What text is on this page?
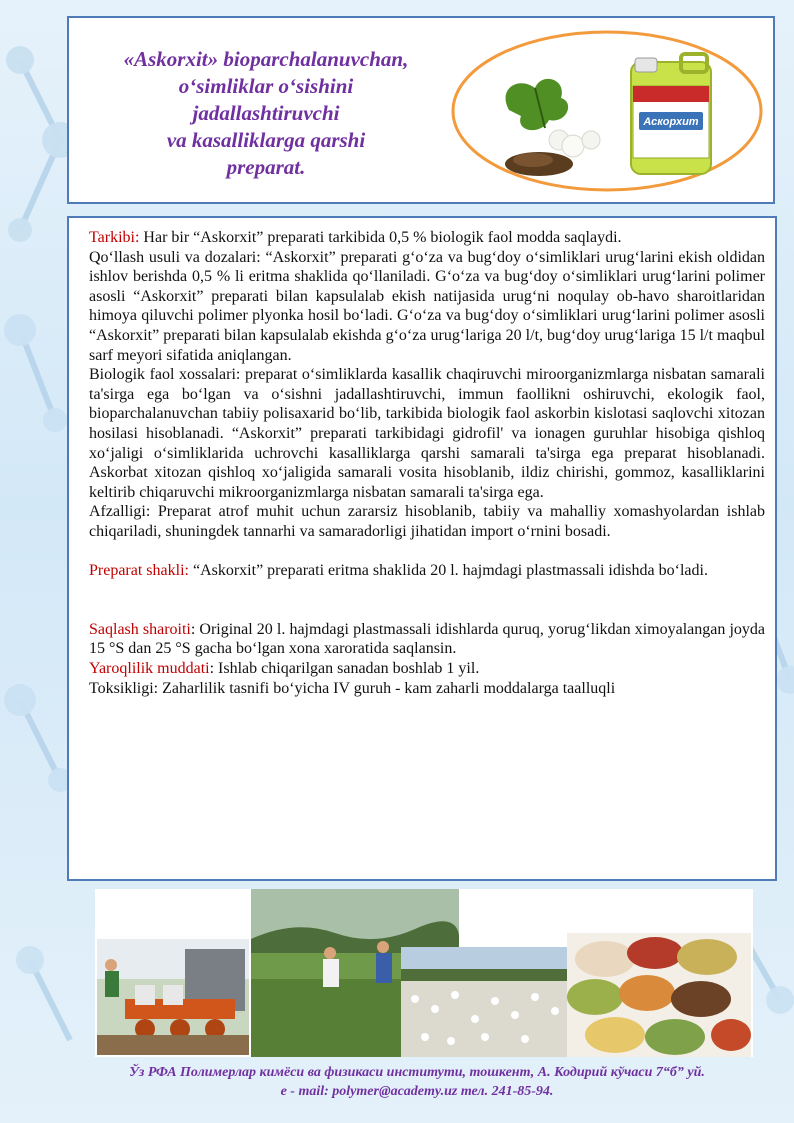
«Askorxit» bioparchalanuvchan,
o‘simliklar o‘sishini
jadallashtiruvchi
va kasalliklarga qarshi
preparat.
Аскорхит

Tarkibi: Har bir “Askorxit” preparati tarkibida 0,5 % biologik faol modda saqlaydi.

Qo‘llash usuli va dozalari: “Askorxit” preparati g‘o‘za va bug‘doy o‘simliklari urug‘larini ekish oldidan ishlov berishda 0,5 % li eritma shaklida qo‘llaniladi. G‘o‘za va bug‘doy o‘simliklari urug‘larini polimer asosli “Askorxit” preparati bilan kapsulalab ekish natijasida urug‘ni noqulay ob-havo sharoitlaridan himoya qiluvchi polimer plyonka hosil bo‘ladi. G‘o‘za va bug‘doy o‘simliklari urug‘larini polimer asosli “Askorxit” preparati bilan kapsulalab ekishda g‘o‘za urug‘lariga 20 l/t, bug‘doy urug‘lariga 15 l/t maqbul sarf meyori sifatida aniqlangan.

Biologik faol xossalari: preparat o‘simliklarda kasallik chaqiruvchi miroorganizmlarga nisbatan samarali ta'sirga ega bo‘lgan va o‘sishni jadallashtiruvchi, immun faollikni oshiruvchi, ekologik faol, bioparchalanuvchan tabiiy polisaxarid bo‘lib, tarkibida biologik faol askorbin kislotasi saqlovchi xitozan hosilasi hisoblanadi. “Askorxit” preparati tarkibidagi gidrofil' va ionagen guruhlar hisobiga qishloq xo‘jaligi o‘simliklarida uchrovchi kasalliklarga qarshi samarali ta'sirga ega preparat hisoblanadi. Askorbat xitozan qishloq xo‘jaligida samarali vosita hisoblanib, ildiz chirishi, gommoz, kasalliklarini keltirib chiqaruvchi mikroorganizmlarga nisbatan samarali ta'sirga ega.

Afzalligi: Preparat atrof muhit uchun zararsiz hisoblanib, tabiiy va mahalliy xomashyolardan ishlab chiqariladi, shuningdek tannarhi va samaradorligi jihatidan import o‘rnini bosadi.

Preparat shakli: “Askorxit” preparati eritma shaklida 20 l. hajmdagi plastmassali idishda bo‘ladi.

Saqlash sharoiti: Original 20 l. hajmdagi plastmassali idishlarda quruq, yorug‘likdan ximoyalangan joyda 15 °S dan 25 °S gacha bo‘lgan xona xaroratida saqlansin.

Yaroqlilik muddati: Ishlab chiqarilgan sanadan boshlab 1 yil.

Toksikligi: Zaharlilik tasnifi bo‘yicha IV guruh - kam zaharli moddalarga taalluqli

Ўз РФА Полимерлар кимёси ва физикаси институти, тошкент, А. Кодирий кўчаси 7“б” уй.
e - mail: polymer@academy.uz тел. 241-85-94.
